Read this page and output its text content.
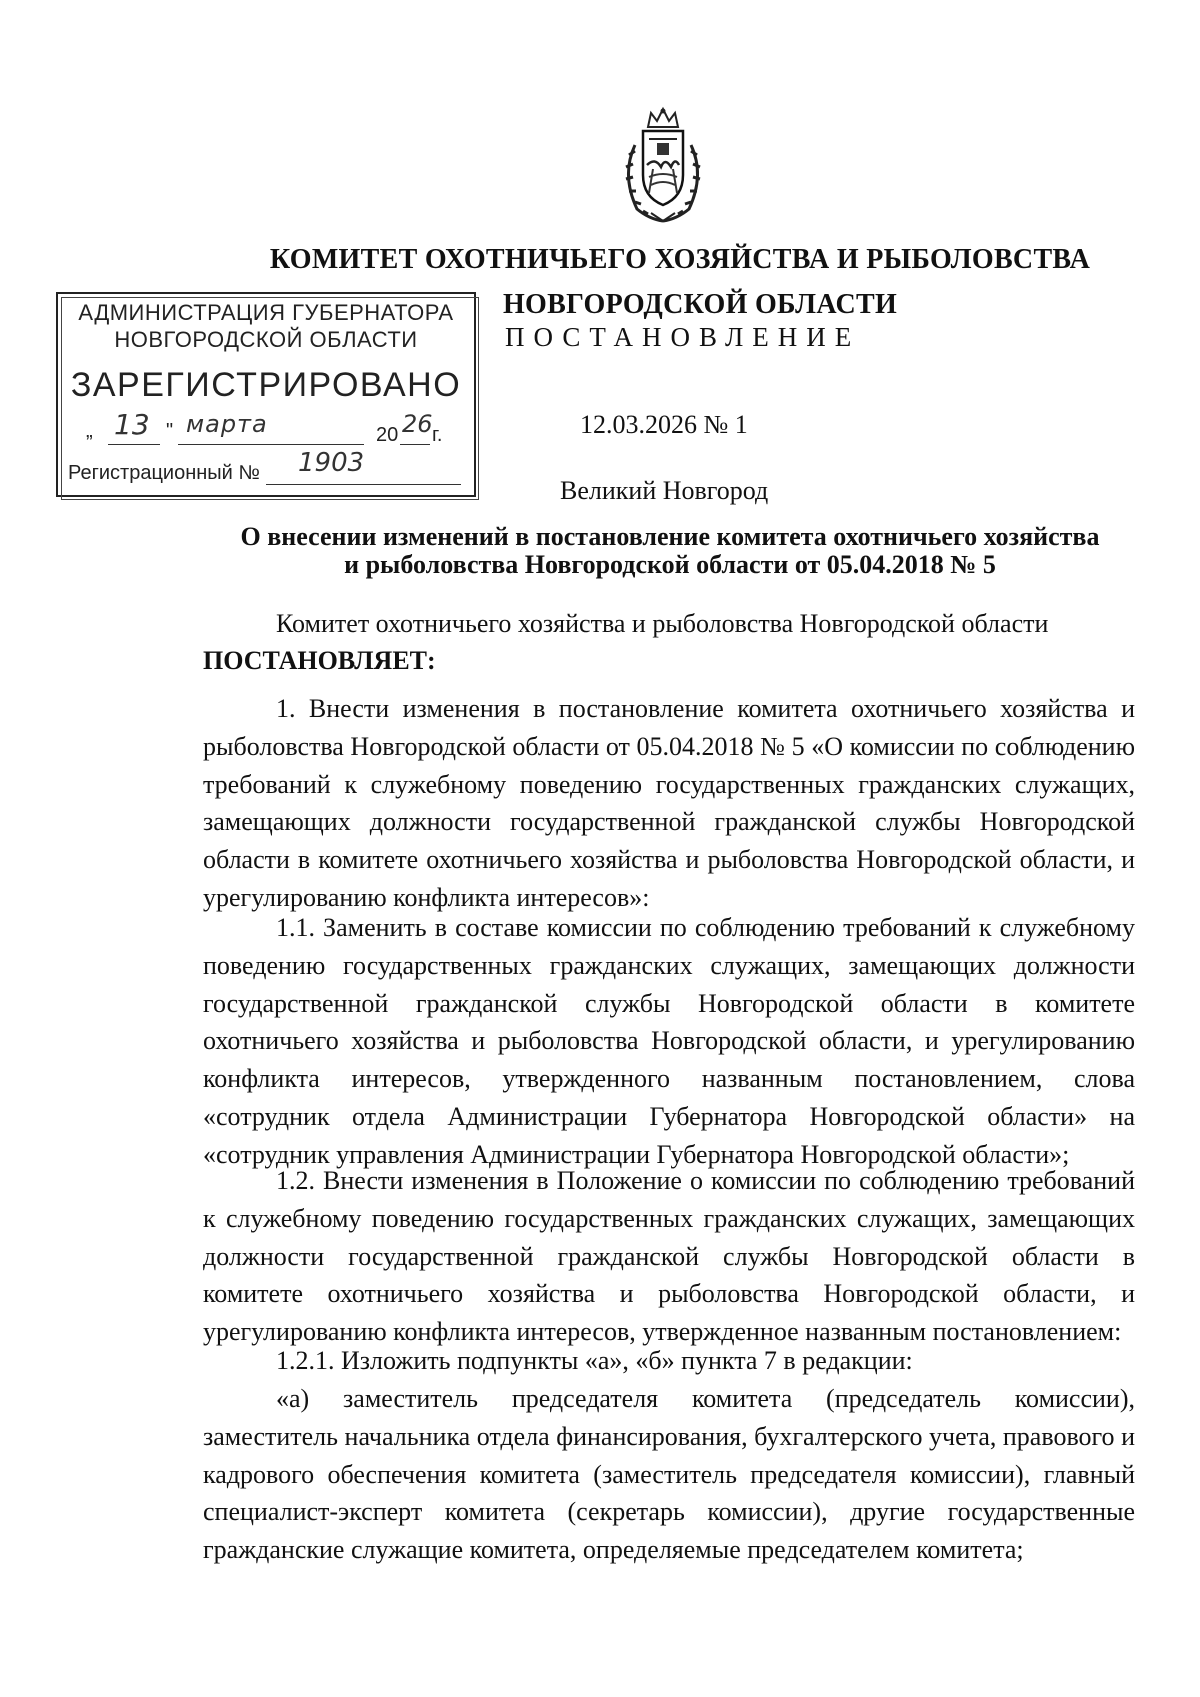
КОМИТЕТ ОХОТНИЧЬЕГО ХОЗЯЙСТВА И РЫБОЛОВСТВА
НОВГОРОДСКОЙ ОБЛАСТИ
АДМИНИСТРАЦИЯ ГУБЕРНАТОРА
НОВГОРОДСКОЙ ОБЛАСТИ
ЗАРЕГИСТРИРОВАНО
„ 13 " марта	20 26 г.
Регистрационный № 1903
ПОСТАНОВЛЕНИЕ
12.03.2026 № 1
Великий Новгород
О внесении изменений в постановление комитета охотничьего хозяйства
и рыболовства Новгородской области от 05.04.2018 № 5
Комитет охотничьего хозяйства и рыболовства Новгородской области
ПОСТАНОВЛЯЕТ:
1. Внести изменения в постановление комитета охотничьего хозяйства и рыболовства Новгородской области от 05.04.2018 № 5 «О комиссии по соблюдению требований к служебному поведению государственных гражданских служащих, замещающих должности государственной гражданской службы Новгородской области в комитете охотничьего хозяйства и рыболовства Новгородской области, и урегулированию конфликта интересов»:
1.1. Заменить в составе комиссии по соблюдению требований к служебному поведению государственных гражданских служащих, замещающих должности государственной гражданской службы Новгородской области в комитете охотничьего хозяйства и рыболовства Новгородской области, и урегулированию конфликта интересов, утвержденного названным постановлением, слова «сотрудник отдела Администрации Губернатора Новгородской области» на «сотрудник управления Администрации Губернатора Новгородской области»;
1.2. Внести изменения в Положение о комиссии по соблюдению требований к служебному поведению государственных гражданских служащих, замещающих должности государственной гражданской службы Новгородской области в комитете охотничьего хозяйства и рыболовства Новгородской области, и урегулированию конфликта интересов, утвержденное названным постановлением:
1.2.1. Изложить подпункты «а», «б» пункта 7 в редакции:
«а) заместитель председателя комитета (председатель комиссии), заместитель начальника отдела финансирования, бухгалтерского учета, правового и кадрового обеспечения комитета (заместитель председателя комиссии), главный специалист-эксперт комитета (секретарь комиссии), другие государственные гражданские служащие комитета, определяемые председателем комитета;
